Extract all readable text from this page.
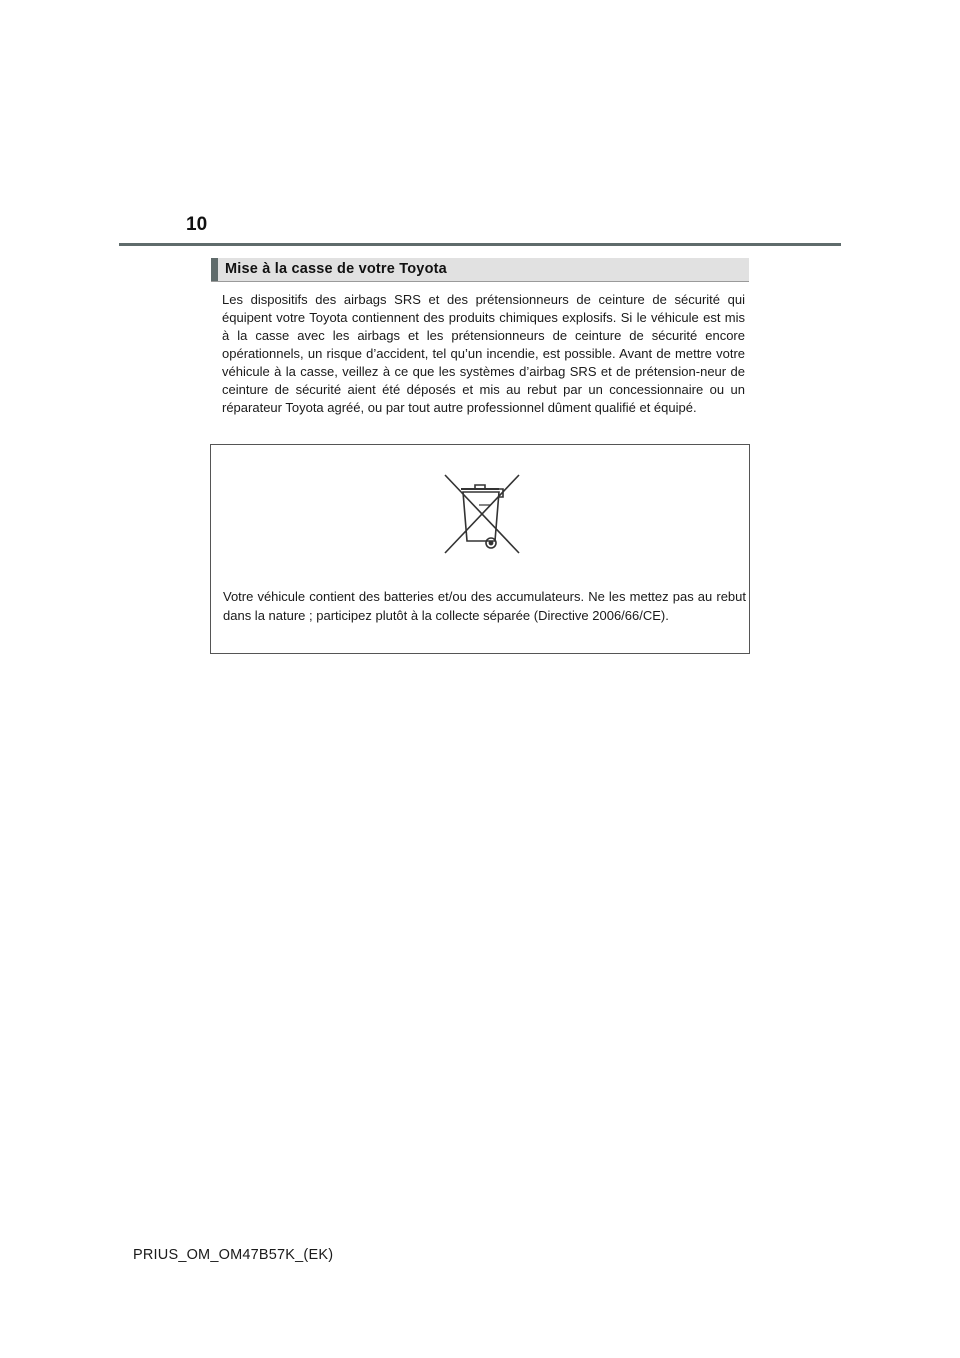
10
Mise à la casse de votre Toyota
Les dispositifs des airbags SRS et des prétensionneurs de ceinture de sécurité qui équipent votre Toyota contiennent des produits chimiques explosifs. Si le véhicule est mis à la casse avec les airbags et les prétensionneurs de ceinture de sécurité encore opérationnels, un risque d’accident, tel qu’un incendie, est possible. Avant de mettre votre véhicule à la casse, veillez à ce que les systèmes d’airbag SRS et de prétension-neur de ceinture de sécurité aient été déposés et mis au rebut par un concessionnaire ou un réparateur Toyota agréé, ou par tout autre professionnel dûment qualifié et équipé.
Votre véhicule contient des batteries et/ou des accumulateurs. Ne les mettez pas au rebut dans la nature ; participez plutôt à la collecte séparée (Directive 2006/66/CE).
PRIUS_OM_OM47B57K_(EK)
